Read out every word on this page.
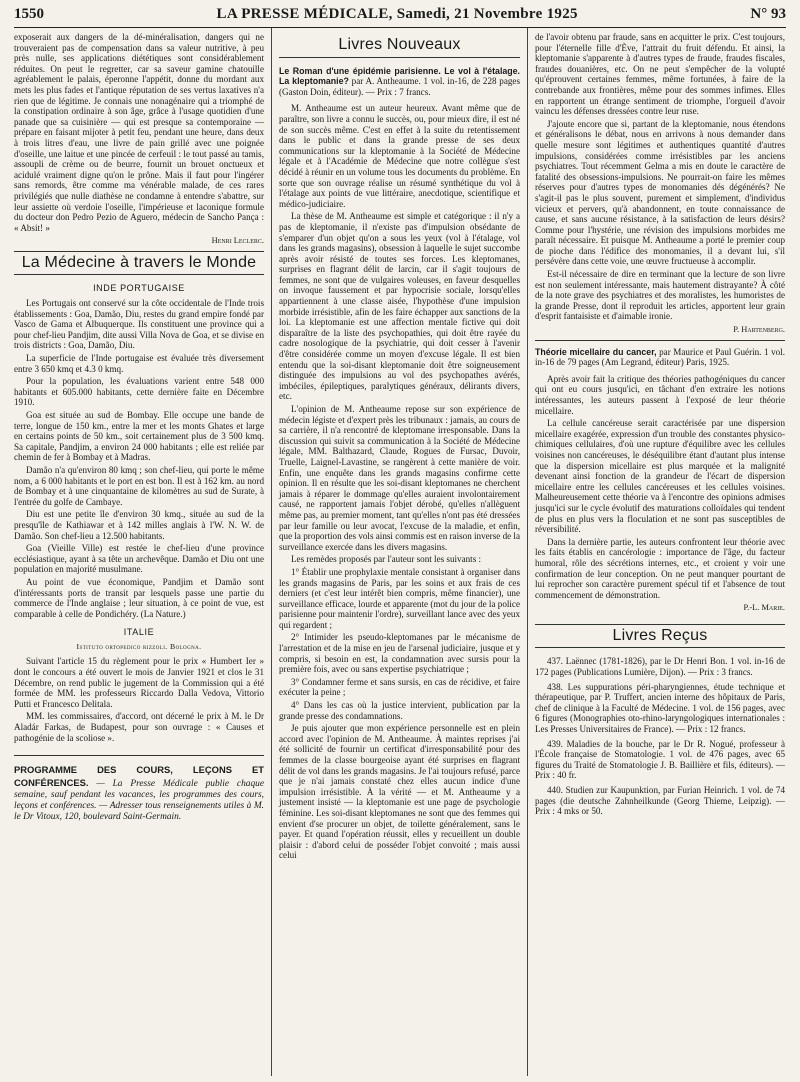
1550	LA PRESSE MÉDICALE, Samedi, 21 Novembre 1925	N° 93

exposerait aux dangers de la dé-minéralisation, dangers qui ne trouveraient pas de compensation dans sa valeur nutritive, à peu près nulle, ses applications diététiques sont considérablement réduites. On peut le regretter, car sa saveur gamine chatouille agréablement le palais, éperonne l'appétit, donne du mordant aux mets les plus fades et l'antique réputation de ses vertus laxatives n'a rien que de légitime. Je connais une nonagénaire qui a triomphé de la constipation ordinaire à son âge, grâce à l'usage quotidien d'une panade que sa cuisinière — qui est presque sa contemporaine — prépare en faisant mijoter à petit feu, pendant une heure, dans deux à trois litres d'eau, une livre de pain grillé avec une poignée d'oseille, une laitue et une pincée de cerfeuil : le tout passé au tamis, assoupli de crème ou de beurre, fournit un brouet onctueux et acidulé vraiment digne qu'on le prône. Mais il faut pour l'ingérer sans remords, être comme ma vénérable malade, de ces rares privilégiés que nulle diathèse ne condamne à entendre s'abattre, sur leur assiette où verdoie l'oseille, l'impérieuse et laconique formule du docteur don Pedro Pezio de Aguero, médecin de Sancho Pança : « Absit! »

Henri Leclerc.
La Médecine à travers le Monde
INDE PORTUGAISE

Les Portugais ont conservé sur la côte occidentale de l'Inde trois établissements : Goa, Damão, Diu, restes du grand empire fondé par Vasco de Gama et Albuquerque. Ils constituent une province qui a pour chef-lieu Pandjim, dite aussi Villa Nova de Goa, et se divise en trois districts : Goa, Damão, Diu.

La superficie de l'Inde portugaise est évaluée très diversement entre 3 650 kmq et 4.3 0 kmq.

Pour la population, les évaluations varient entre 548 000 habitants et 605.000 habitants, cette dernière faite en Décembre 1910.

Goa est située au sud de Bombay. Elle occupe une bande de terre, longue de 150 km., entre la mer et les monts Ghates et large en certains points de 50 km., soit certainement plus de 3 500 kmq. Sa capitale, Pandjim, a environ 24 000 habitants ; elle est reliée par chemin de fer à Bombay et à Madras.

Damão n'a qu'environ 80 kmq ; son chef-lieu, qui porte le même nom, a 6 000 habitants et le port en est bon. Il est à 162 km. au nord de Bombay et à une cinquantaine de kilomètres au sud de Surate, à l'entrée du golfe de Cambaye.

Diu est une petite île d'environ 30 kmq., située au sud de la presqu'île de Kathiawar et à 142 milles anglais à l'W. N. W. de Damão. Son chef-lieu a 12.500 habitants.

Goa (Vieille Ville) est restée le chef-lieu d'une province ecclésiastique, ayant à sa tête un archevêque. Damão et Diu ont une population en majorité musulmane.

Au point de vue économique, Pandjim et Damão sont d'intéressants ports de transit par lesquels passe une partie du commerce de l'Inde anglaise ; leur situation, à ce point de vue, est comparable à celle de Pondichéry. (La Nature.)

ITALIE
Istituto ortopedico rizzoli. Bologna.

Suivant l'article 15 du règlement pour le prix « Humbert Ier » dont le concours a été ouvert le mois de Janvier 1921 et clos le 31 Décembre, on rend public le jugement de la Commission qui a été formée de MM. les professeurs Riccardo Dalla Vedova, Vittorio Putti et Francesco Delitala.

MM. les commissaires, d'accord, ont décerné le prix à M. le Dr Aladár Farkas, de Budapest, pour son ouvrage : « Causes et pathogénie de la scoliose ».

PROGRAMME DES COURS, LEÇONS ET CONFÉRENCES. — La Presse Médicale publie chaque semaine, sauf pendant les vacances, les programmes des cours, leçons et conférences. — Adresser tous renseignements utiles à M. le Dr Vitoux, 120, boulevard Saint-Germain.
Livres Nouveaux
Le Roman d'une épidémie parisienne. Le vol à l'étalage. La kleptomanie? par A. Antheaume. 1 vol. in-16, de 228 pages (Gaston Doin, éditeur). — Prix : 7 francs.

M. Antheaume est un auteur heureux. Avant même que de paraître, son livre a connu le succès, ou, pour mieux dire, il est né de son succès même. C'est en effet à la suite du retentissement dans le public et dans la grande presse de ses deux communications sur la kleptomanie à la Société de Médecine légale et à l'Académie de Médecine que notre collègue s'est décidé à réunir en un volume tous les documents du problème. En sorte que son ouvrage réalise un résumé synthétique du vol à l'étalage aux points de vue littéraire, anecdotique, scientifique et médico-judiciaire.

La thèse de M. Antheaume est simple et catégorique : il n'y a pas de kleptomanie, il n'existe pas d'impulsion obsédante de s'emparer d'un objet qu'on a sous les yeux (vol à l'étalage, vol dans les grands magasins), obsession à laquelle le sujet succombe après avoir résisté de toutes ses forces. Les kleptomanes, surprises en flagrant délit de larcin, car il s'agit toujours de femmes, ne sont que de vulgaires voleuses, en faveur desquelles on invoque faussement et par hypocrisie sociale, lorsqu'elles appartiennent à une classe aisée, l'hypothèse d'une impulsion morbide irrésistible, afin de les faire échapper aux sanctions de la loi. La kleptomanie est une affection mentale fictive qui doit disparaître de la liste des psychopathies, qui doit être rayée du cadre nosologique de la psychiatrie, qui doit cesser à l'avenir d'être considérée comme un moyen d'excuse légale. Il est bien entendu que la soi-disant kleptomanie doit être soigneusement distinguée des impulsions au vol des psychopathes avérés, imbéciles, épileptiques, paralytiques généraux, délirants divers, etc.

L'opinion de M. Antheaume repose sur son expérience de médecin légiste et d'expert près les tribunaux : jamais, au cours de sa carrière, il n'a rencontré de kleptomane irresponsable. Dans la discussion qui suivit sa communication à la Société de Médecine légale, MM. Balthazard, Claude, Rogues de Fursac, Duvoir, Truelle, Laignel-Lavastine, se rangèrent à cette manière de voir. Enfin, une enquête dans les grands magasins confirme cette opinion. Il en résulte que les soi-disant kleptomanes ne cherchent jamais à réparer le dommage qu'elles auraient involontairement causé, ne rapportent jamais l'objet dérobé, qu'elles n'allèguent même pas, au premier moment, tant qu'elles n'ont pas été dressées par leur famille ou leur avocat, l'excuse de la maladie, et enfin, que la proportion des vols ainsi commis est en raison inverse de la surveillance exercée dans les divers magasins.

Les remèdes proposés par l'auteur sont les suivants :

1° Établir une prophylaxie mentale consistant à organiser dans les grands magasins de Paris, par les soins et aux frais de ces derniers (et c'est leur intérêt bien compris, même financier), une surveillance efficace, lourde et apparente (mot du jour de la police parisienne pour maintenir l'ordre), surveillant lance avec des yeux qui regardent ;

2° Intimider les pseudo-kleptomanes par le mécanisme de l'arrestation et de la mise en jeu de l'arsenal judiciaire, jusque et y compris, si besoin en est, la condamnation avec sursis pour la première fois, avec ou sans expertise psychiatrique ;

3° Condamner ferme et sans sursis, en cas de récidive, et faire exécuter la peine ;

4° Dans les cas où la justice intervient, publication par la grande presse des condamnations.

Je puis ajouter que mon expérience personnelle est en plein accord avec l'opinion de M. Antheaume. À maintes reprises j'ai été sollicité de fournir un certificat d'irresponsabilité pour des femmes de la classe bourgeoise ayant été surprises en flagrant délit de vol dans les grands magasins. Je l'ai toujours refusé, parce que je n'ai jamais constaté chez elles aucun indice d'une impulsion irrésistible. À la vérité — et M. Antheaume y a justement insisté — la kleptomanie est une page de psychologie féminine. Les soi-disant kleptomanes ne sont que des femmes qui envient d'se procurer un objet, de toilette généralement, sans le payer. Et quand l'opération réussit, elles y recueillent un double plaisir : d'abord celui de posséder l'objet convoité ; mais aussi celui

de l'avoir obtenu par fraude, sans en acquitter le prix. C'est toujours, pour l'éternelle fille d'Ève, l'attrait du fruit défendu. Et ainsi, la kleptomanie s'apparente à d'autres types de fraude, fraudes fiscales, fraudes douanières, etc. On ne peut s'empêcher de la volupté qu'éprouvent certaines femmes, même fortunées, à faire de la contrebande aux frontières, même pour des sommes infimes. Elles en rapportent un étrange sentiment de triomphe, l'orgueil d'avoir vaincu les défenses dressées contre leur ruse.

J'ajoute encore que si, partant de la kleptomanie, nous étendons et généralisons le débat, nous en arrivons à nous demander dans quelle mesure sont légitimes et authentiques quantité d'autres impulsions, considérées comme irrésistibles par les anciens psychiatres. Tout récemment Gelma a mis en doute le caractère de fatalité des obsessions-impulsions. Ne pourrait-on faire les mêmes réserves pour d'autres types de monomanies dés dégénérés? Ne s'agit-il pas le plus souvent, purement et simplement, d'individus vicieux et pervers, qu'à abandonnent, en toute connaissance de cause, et sans aucune résistance, à la satisfaction de leurs désirs? Comme pour l'hystérie, une révision des impulsions morbides me paraît nécessaire. Et puisque M. Antheaume a porté le premier coup de pioche dans l'édifice des monomanies, il a devant lui, s'il persévère dans cette voie, une œuvre fructueuse à accomplir.

Est-il nécessaire de dire en terminant que la lecture de son livre est non seulement intéressante, mais hautement distrayante? À côté de la note grave des psychiatres et des moralistes, les humoristes de la grande Presse, dont il reproduit les articles, apportent leur grain d'esprit fantaisiste et d'aimable ironie.

P. Hartenberg.
Théorie micellaire du cancer, par Maurice et Paul Guérin. 1 vol. in-16 de 79 pages (Am Legrand, éditeur) Paris, 1925.

Après avoir fait la critique des théories pathogéniques du cancer qui ont eu cours jusqu'ici, en tâchant d'en extraire les notions intéressantes, les auteurs passent à l'exposé de leur théorie micellaire.

La cellule cancéreuse serait caractérisée par une dispersion micellaire exagérée, expression d'un trouble des constantes physico-chimiques cellulaires, d'où une rupture d'équilibre avec les cellules voisines non cancéreuses, le déséquilibre étant d'autant plus intense que la dispersion micellaire est plus marquée et la malignité devenant ainsi fonction de la grandeur de l'écart de dispersion micellaire entre les cellules cancéreuses et les cellules voisines. Malheureusement cette théorie va à l'encontre des opinions admises jusqu'ici sur le cycle évolutif des maturations colloïdales qui tendent de plus en plus vers la floculation et ne sont pas susceptibles de réversibilité.

Dans la dernière partie, les auteurs confrontent leur théorie avec les faits établis en cancérologie : importance de l'âge, du facteur humoral, rôle des sécrétions internes, etc., et croient y voir une confirmation de leur conception. On ne peut manquer pourtant de lui reprocher son caractère purement spécul tif et l'absence de tout commencement de démonstration.

P.-L. Marie.
Livres Reçus

437. Laënnec (1781-1826), par le Dr Henri Bon. 1 vol. in-16 de 172 pages (Publications Lumière, Dijon). — Prix : 3 francs.

438. Les suppurations péri-pharyngiennes, étude technique et thérapeutique, par P. Truffert, ancien interne des hôpitaux de Paris, chef de clinique à la Faculté de Médecine. 1 vol. de 156 pages, avec 6 figures (Monographies oto-rhino-laryngologiques internationales : Les Presses Universitaires de France). — Prix : 12 francs.

439. Maladies de la bouche, par le Dr R. Nogué, professeur à l'École française de Stomatologie. 1 vol. de 476 pages, avec 65 figures du Traité de Stomatologie J. B. Baillière et fils, éditeurs). — Prix : 40 fr.

440. Studien zur Kaupunktion, par Furian Heinrich. 1 vol. de 74 pages (die deutsche Zahnheilkunde (Georg Thieme, Leipzig). — Prix : 4 mks or 50.
